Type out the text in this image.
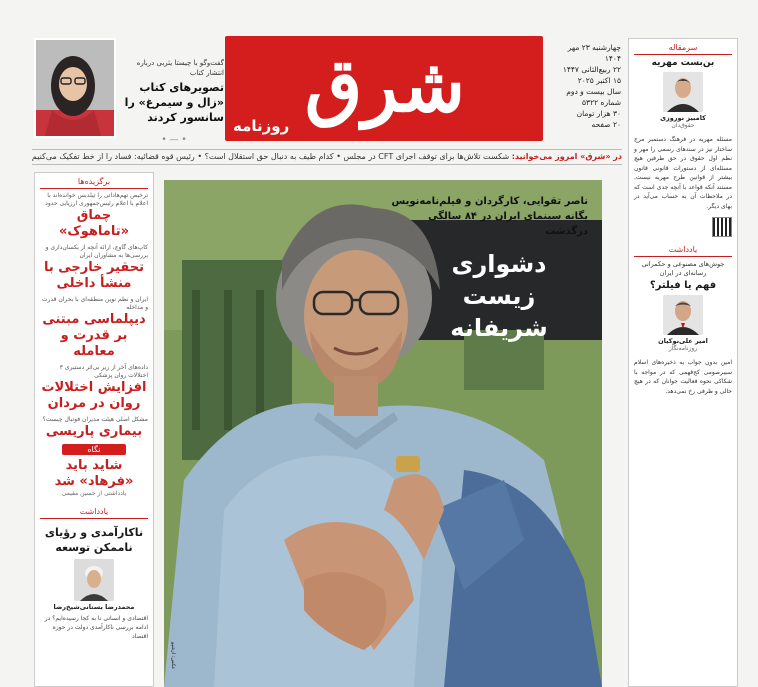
شرق
روزنامه
چهارشنبه ۲۳ مهر ۱۴۰۴
۲۲ ربیع‌الثانی ۱۴۴۷
۱۵ اکتبر ۲۰۲۵
سال بیست و دوم
شماره ۵۳۲۲
۳۰ هزار تومان
۲۰ صفحه
گفت‌وگو با چیستا یثربی درباره انتشار کتاب
تصویرهای کتاب «زال و سیمرغ» را سانسور کردند
• — •
در «شرق» امروز می‌خوانید: شکست تلاش‌ها برای توقف اجرای CFT در مجلس • کدام طیف به دنبال حق استقلال است؟ • رئیس قوه قضائیه: فساد را از خط تفکیک می‌کنیم
برگزیده‌ها
ترخیص تهم‌هاداتی را تیلدیس خوانده‌اند با اعلام با اعلام رئیس‌جمهوری ارزیابی حدود
چماق «تاماهوک»
کاپ‌های گاوچ، ارائه آنچه از یکسان‌داری و بررسی‌ها به مشاوران ایران
تحقیر خارجی با منشأ داخلی
ایران و نظم نوین منطقه‌ای با بحران قدرت و مداخله
دیپلماسی مبتنی بر قدرت و معامله
داده‌های آخر از زیر بی‌اثر دستیری ۳ اختلالات روان پزشکی
افزایش اختلالات روان در مردان
مشکل اصلی هیئت مدیران فوتبال چیست؟
بیماری پاریسی
نگاه
شاید باید «فرهاد» شد
یادداشتی از حسین مقیمی
یادداشت
ناکارآمدی و رؤیای ناممکن توسعه
محمدرضا بستانی‌شیخ‌رضا
اقتصادی و انسانی نا به کجا رسیده‌ایم؟ در ادامه بررسی ناکارآمدی دولت در حوزه اقتصاد
ناصر تقوایی، کارگردان و فیلم‌نامه‌نویس یگانه سینمای ایران در ۸۴ سالگی درگذشت
دشواری زیست شریفانه
عکس: ارشیو
سرمقاله
بن‌بست مهریه
کامبیز نوروزی
حقوق‌دان
مسئله مهریه در فرهنگ دستمبر مرج ساختار نیز در سند‌های رسمی را مهر و نظم اول حقوق در حق طرفین هیچ مسئله‌ای از دستورات قانونی قانون بیشتر از قوانین طرح مهریه نیست. مستند آنکه قواعد با آنچه جدی است که در ملاحظات آن به حساب می‌آید در بهای دیگر.
یادداشت
جوش‌های مصنوعی و حکمرانی رسانه‌ای در ایران
فهم یا فیلتر؟
امیر علی‌نوکیان
روزنامه‌نگار
امین بدون جواب به ذخیره‌های اسلام سیبرصومی کج‌فهمی که در مواجه با شکاکی نحوه فعالیت جوانان که در هیچ حالی و ظرفی رخ نمی‌دهد.
